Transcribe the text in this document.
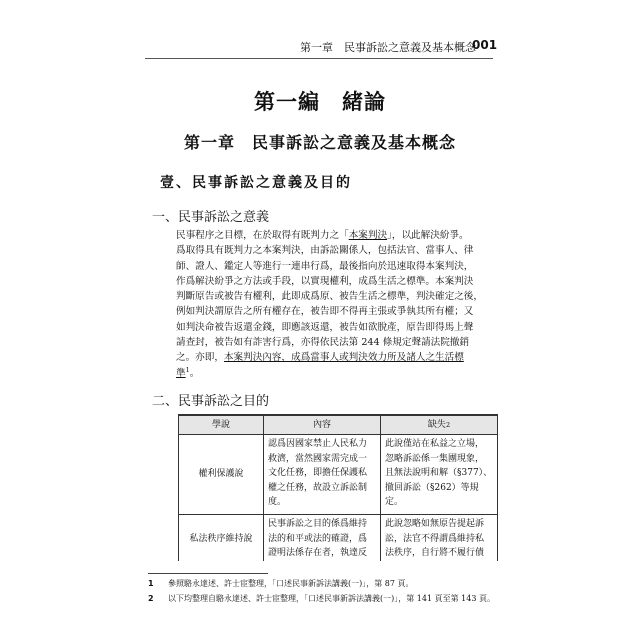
第一章　民事訴訟之意義及基本概念
001
第一編　緒論
第一章　民事訴訟之意義及基本概念
壹、民事訴訟之意義及目的
一、民事訴訟之意義
民事程序之目標，在於取得有既判力之「本案判決」，以此解決紛爭。
爲取得具有既判力之本案判決，由訴訟關係人，包括法官、當事人、律
師、證人、鑑定人等進行一連串行爲，最後指向於迅速取得本案判決，
作爲解決紛爭之方法或手段，以實現權利，成爲生活之標準。本案判決
判斷原告或被告有權利，此即成爲原、被告生活之標準，判決確定之後，
例如判決謂原告之所有權存在，被告即不得再主張或爭執其所有權；又
如判決命被告返還金錢，即應該返還，被告如欲脫產，原告即得馬上聲
請查封，被告如有詐害行爲，亦得依民法第 244 條規定聲請法院撤銷
之。亦即，本案判決內容，成爲當事人或判決效力所及諸人之生活標
準$^1$。
二、民事訴訟之目的
學說	內容	缺失 2
權利保護說
認爲因國家禁止人民私力
救濟，當然國家需完成一
文化任務，即擔任保護私
權之任務，故設立訴訟制
度。
此說僅站在私益之立場，
忽略訴訟係一集團現象，
且無法說明和解（§377）、
撤回訴訟（§262）等規
定。
私法秩序維持說
民事訴訟之目的係爲維持
法的和平或法的確證，爲
證明法係存在者，執達反
此說忽略如無原告提起訴
訟，法官不得謂爲維持私
法秩序，自行將不履行債
1 參照駱永達述、許士宦整理，「口述民事新訴法講義(一)」，第 87 頁。
2 以下均整理自駱永達述、許士宦整理，「口述民事新訴法講義(一)」，第 141 頁至第 143 頁。
